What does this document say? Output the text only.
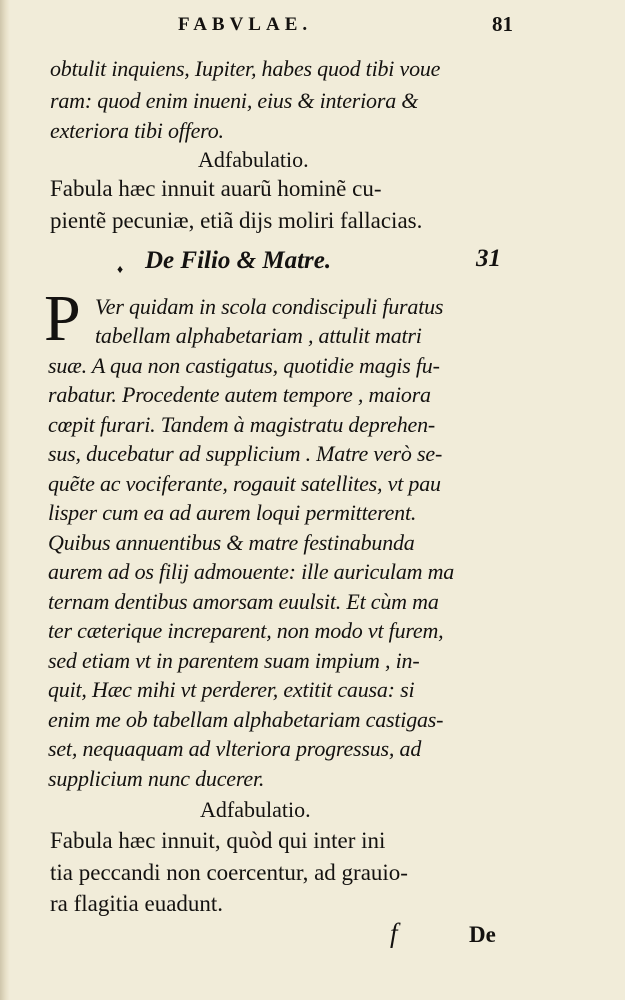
FABVLAE.	81
obtulit inquiens, Iupiter, habes quod tibi voue
ram: quod enim inueni, eius & interiora &
exteriora tibi offero.
Adfabulatio.
Fabula hæc innuit auarũ hominẽ cu-
pientẽ pecuniæ, etiã dijs moliri fallacias.
♦ De Filio & Matre.	31
P Ver quidam in scola condiscipuli furatus
tabellam alphabetariam , attulit matri
suæ. A qua non castigatus, quotidie magis fu-
rabatur. Procedente autem tempore , maiora
cœpit furari. Tandem à magistratu deprehen-
sus, ducebatur ad supplicium . Matre verò se-
quẽte ac vociferante, rogauit satellites, vt pau
lisper cum ea ad aurem loqui permitterent.
Quibus annuentibus & matre festinabunda
aurem ad os filij admouente: ille auriculam ma
ternam dentibus amorsam euulsit. Et cùm ma
ter cæterique increparent, non modo vt furem,
sed etiam vt in parentem suam impium , in-
quit, Hæc mihi vt perderer, extitit causa: si
enim me ob tabellam alphabetariam castigas-
set, nequaquam ad vlteriora progressus, ad
supplicium nunc ducerer.
Adfabulatio.
Fabula hæc innuit, quòd qui inter ini
tia peccandi non coercentur, ad grauio-
ra flagitia euadunt.
f	De
